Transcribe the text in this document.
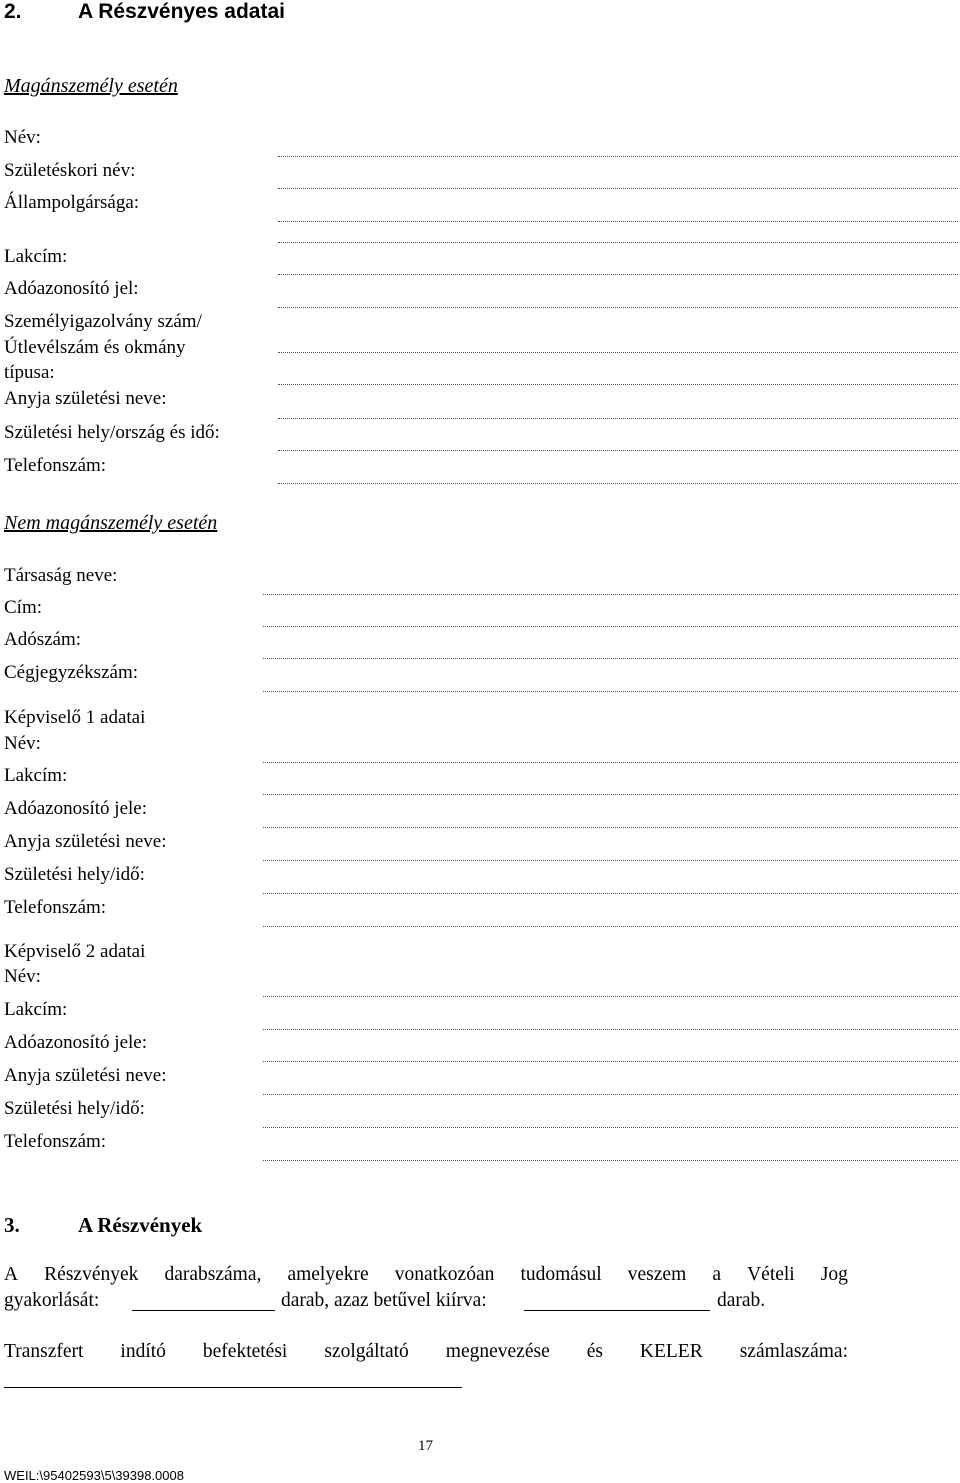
2.	A Részvényes adatai
Magánszemély esetén
Név:
Születéskori név:
Állampolgársága:
Lakcím:
Adóazonosító jel:
Személyigazolvány szám/
Útlevélszám és okmány
típusa:
Anyja születési neve:
Születési hely/ország és idő:
Telefonszám:
Nem magánszemély esetén
Társaság neve:
Cím:
Adószám:
Cégjegyzékszám:
Képviselő 1 adatai
Név:
Lakcím:
Adóazonosító jele:
Anyja születési neve:
Születési hely/idő:
Telefonszám:
Képviselő 2 adatai
Név:
Lakcím:
Adóazonosító jele:
Anyja születési neve:
Születési hely/idő:
Telefonszám:
3.	A Részvények
A Részvények darabszáma, amelyekre vonatkozóan tudomásul veszem a Vételi Jog
gyakorlását:	darab, azaz betűvel kiírva:	darab.
Transzfert indító befektetési szolgáltató megnevezése és KELER számlaszáma:
17
WEIL:\95402593\5\39398.0008
